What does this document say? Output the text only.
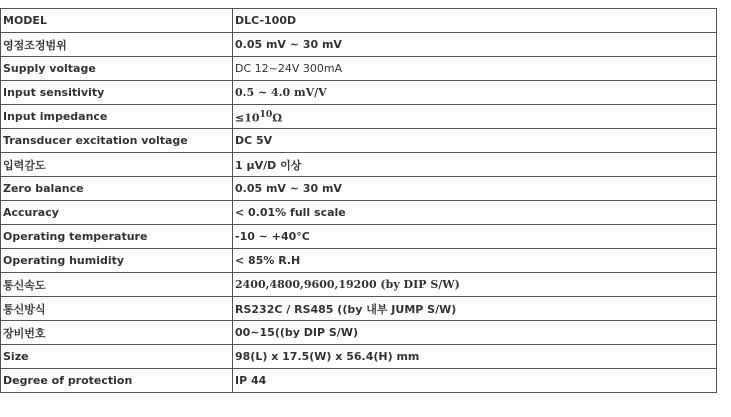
MODEL	DLC-100D
영점조정범위	0.05 mV ~ 30 mV
Supply voltage	DC 12~24V 300mA
Input sensitivity	0.5 ~ 4.0 mV/V
Input impedance	$\le 10^{10}\Omega$
Transducer excitation voltage	DC 5V
입력감도	1 µV/D 이상
Zero balance	0.05 mV ~ 30 mV
Accuracy	< 0.01% full scale
Operating temperature	-10 ~ +40°C
Operating humidity	< 85% R.H
통신속도	2400,4800,9600,19200 (by DIP S/W)
통신방식	RS232C / RS485 ((by 내부 JUMP S/W)
장비번호	00~15((by DIP S/W)
Size	98(L) x 17.5(W) x 56.4(H) mm
Degree of protection	IP 44
